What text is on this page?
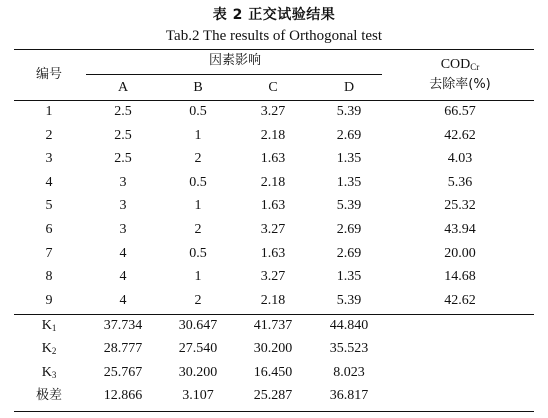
表 2 正交试验结果
Tab.2 The results of Orthogonal test
编号
因素影响
A	B	C	D
$COD_{Cr}$
去除率(%)
1	2.5	0.5	3.27	5.39	66.57
2	2.5	1	2.18	2.69	42.62
3	2.5	2	1.63	1.35	4.03
4	3	0.5	2.18	1.35	5.36
5	3	1	1.63	5.39	25.32
6	3	2	3.27	2.69	43.94
7	4	0.5	1.63	2.69	20.00
8	4	1	3.27	1.35	14.68
9	4	2	2.18	5.39	42.62
$K_1$	37.734	30.647	41.737	44.840
$K_2$	28.777	27.540	30.200	35.523
$K_3$	25.767	30.200	16.450	8.023
极差	12.866	3.107	25.287	36.817
